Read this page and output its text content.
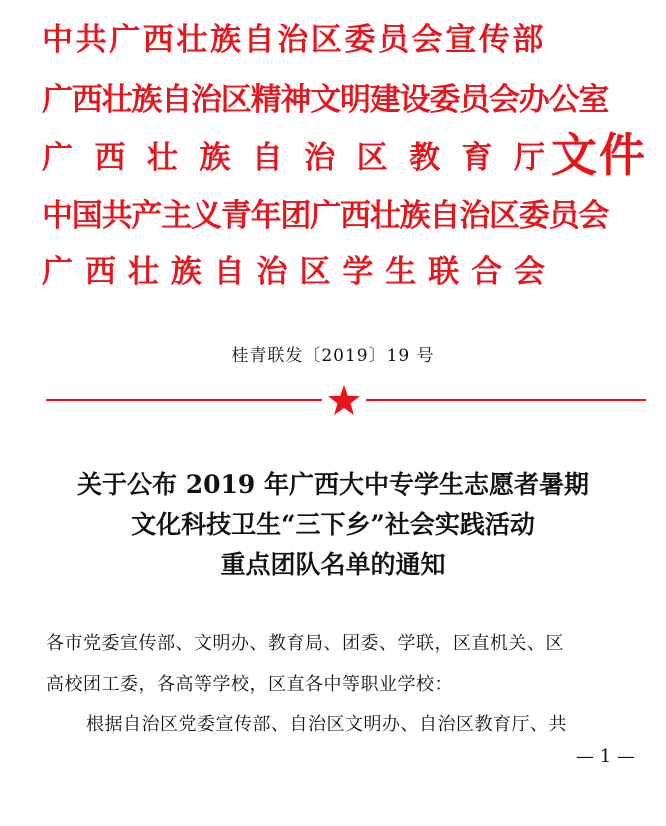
中共广西壮族自治区委员会宣传部
广西壮族自治区精神文明建设委员会办公室
广 西 壮 族 自 治 区 教 育 厅 文件
中国共产主义青年团广西壮族自治区委员会
广 西 壮 族 自 治 区 学 生 联 合 会
桂青联发〔2019〕19 号
关于公布 2019 年广西大中专学生志愿者暑期
文化科技卫生“三下乡”社会实践活动
重点团队名单的通知
各市党委宣传部、文明办、教育局、团委、学联，区直机关、区
高校团工委，各高等学校，区直各中等职业学校：
根据自治区党委宣传部、自治区文明办、自治区教育厅、共
— 1 —
